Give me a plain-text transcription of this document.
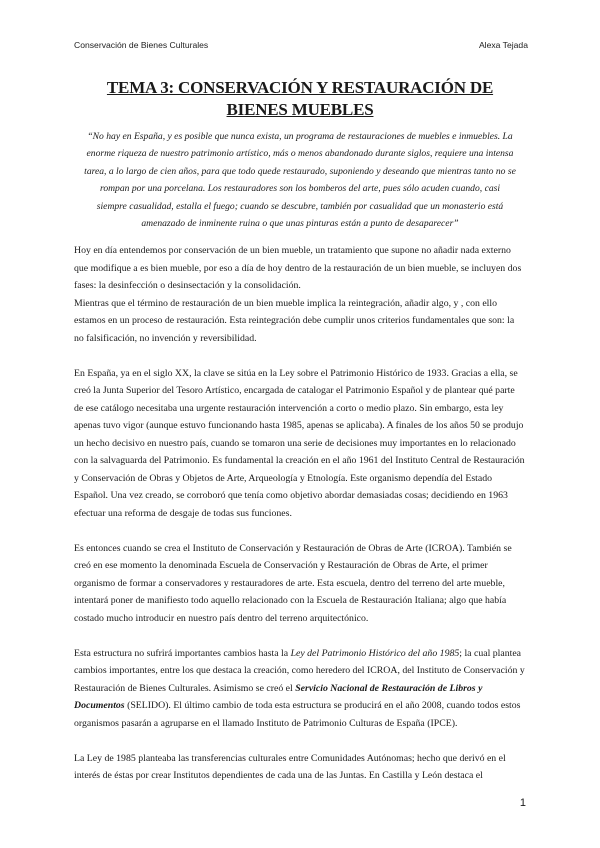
Conservación de Bienes Culturales	Alexa Tejada
TEMA 3: CONSERVACIÓN Y RESTAURACIÓN DE
BIENES MUEBLES
“No hay en España, y es posible que nunca exista, un programa de restauraciones de muebles e inmuebles. La enorme riqueza de nuestro patrimonio artístico, más o menos abandonado durante siglos, requiere una intensa tarea, a lo largo de cien años, para que todo quede restaurado, suponiendo y deseando que mientras tanto no se rompan por una porcelana. Los restauradores son los bomberos del arte, pues sólo acuden cuando, casi siempre casualidad, estalla el fuego; cuando se descubre, también por casualidad que un monasterio está amenazado de inminente ruina o que unas pinturas están a punto de desaparecer”

Hoy en día entendemos por conservación de un bien mueble, un tratamiento que supone no añadir nada externo que modifique a es bien mueble, por eso a día de hoy dentro de la restauración de un bien mueble, se incluyen dos fases: la desinfección o desinsectación y la consolidación.

Mientras que el término de restauración de un bien mueble implica la reintegración, añadir algo, y , con ello estamos en un proceso de restauración. Esta reintegración debe cumplir unos criterios fundamentales que son: la no falsificación, no invención y reversibilidad.

En España, ya en el siglo XX, la clave se sitúa en la Ley sobre el Patrimonio Histórico de 1933. Gracias a ella, se creó la Junta Superior del Tesoro Artístico, encargada de catalogar el Patrimonio Español y de plantear qué parte de ese catálogo necesitaba una urgente restauración intervención a corto o medio plazo. Sin embargo, esta ley apenas tuvo vigor (aunque estuvo funcionando hasta 1985, apenas se aplicaba). A finales de los años 50 se produjo un hecho decisivo en nuestro país, cuando se tomaron una serie de decisiones muy importantes en lo relacionado con la salvaguarda del Patrimonio. Es fundamental la creación en el año 1961 del Instituto Central de Restauración y Conservación de Obras y Objetos de Arte, Arqueología y Etnología. Este organismo dependía del Estado Español. Una vez creado, se corroboró que tenía como objetivo abordar demasiadas cosas; decidiendo en 1963 efectuar una reforma de desgaje de todas sus funciones.

Es entonces cuando se crea el Instituto de Conservación y Restauración de Obras de Arte (ICROA). También se creó en ese momento la denominada Escuela de Conservación y Restauración de Obras de Arte, el primer organismo de formar a conservadores y restauradores de arte. Esta escuela, dentro del terreno del arte mueble, intentará poner de manifiesto todo aquello relacionado con la Escuela de Restauración Italiana; algo que había costado mucho introducir en nuestro país dentro del terreno arquitectónico.

Esta estructura no sufrirá importantes cambios hasta la Ley del Patrimonio Histórico del año 1985; la cual plantea cambios importantes, entre los que destaca la creación, como heredero del ICROA, del Instituto de Conservación y Restauración de Bienes Culturales. Asimismo se creó el Servicio Nacional de Restauración de Libros y Documentos (SELIDO). El último cambio de toda esta estructura se producirá en el año 2008, cuando todos estos organismos pasarán a agruparse en el llamado Instituto de Patrimonio Culturas de España (IPCE).

La Ley de 1985 planteaba las transferencias culturales entre Comunidades Autónomas; hecho que derivó en el interés de éstas por crear Institutos dependientes de cada una de las Juntas. En Castilla y León destaca el

1
